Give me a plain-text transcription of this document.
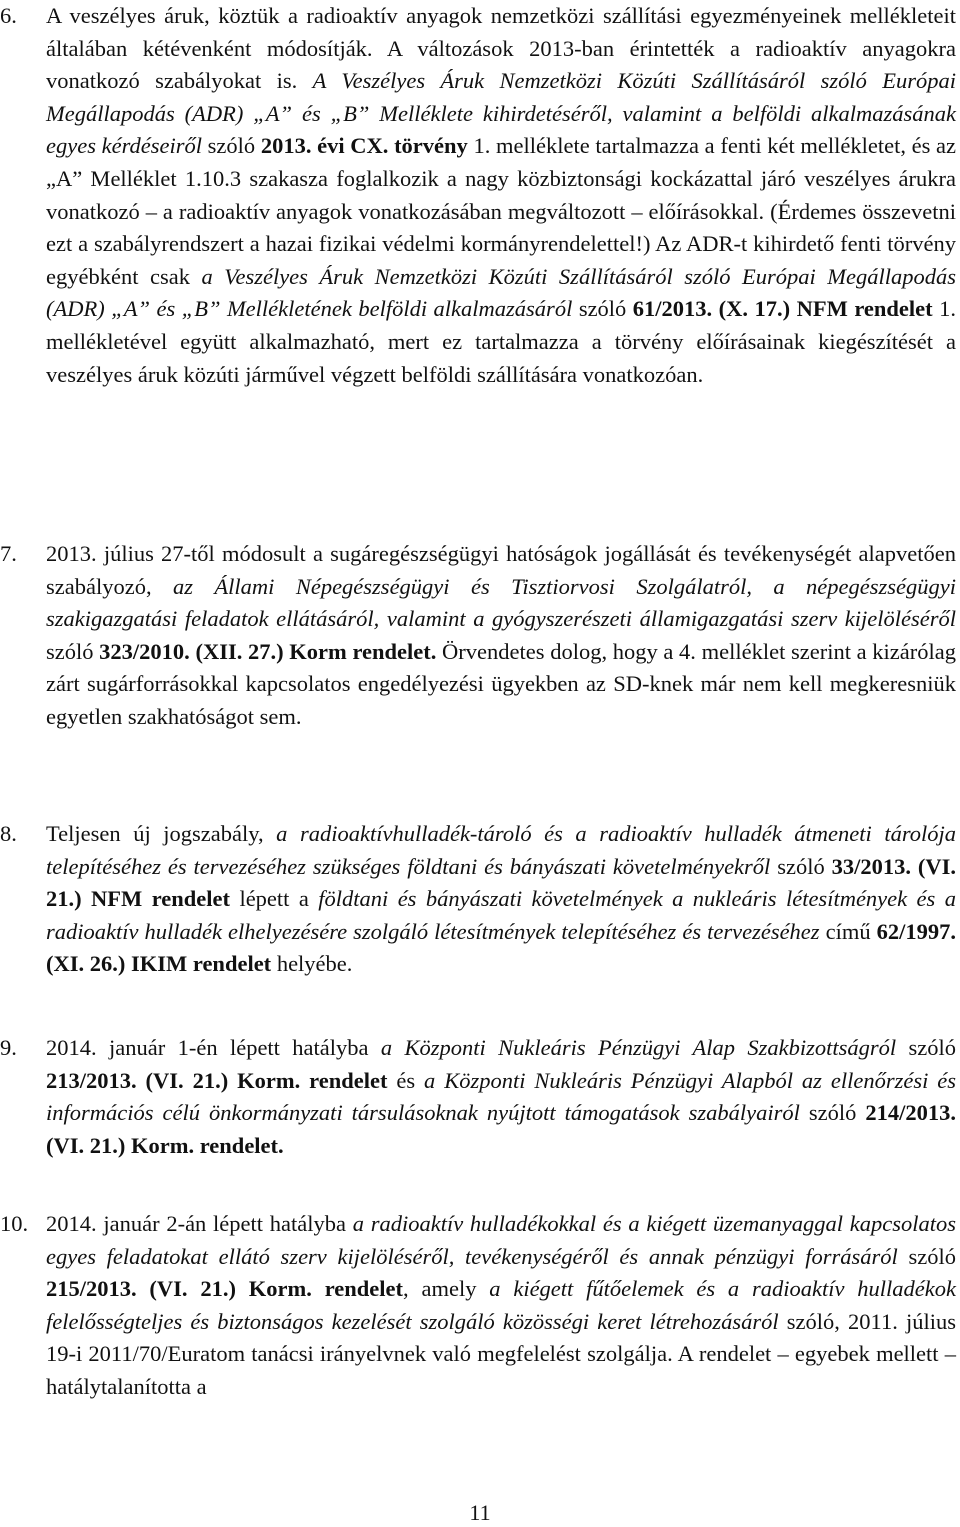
6. A veszélyes áruk, köztük a radioaktív anyagok nemzetközi szállítási egyezményeinek mellékleteit általában kétévenként módosítják. A változások 2013-ban érintették a radioaktív anyagokra vonatkozó szabályokat is. A Veszélyes Áruk Nemzetközi Közúti Szállításáról szóló Európai Megállapodás (ADR) „A” és „B” Melléklete kihirdetéséről, valamint a belföldi alkalmazásának egyes kérdéseiről szóló 2013. évi CX. törvény 1. melléklete tartalmazza a fenti két mellékletet, és az „A” Melléklet 1.10.3 szakasza foglalkozik a nagy közbiztonsági kockázattal járó veszélyes árukra vonatkozó – a radioaktív anyagok vonatkozásában megváltozott – előírásokkal. (Érdemes összevetni ezt a szabályrendszert a hazai fizikai védelmi kormányrendelettel!) Az ADR-t kihirdető fenti törvény egyébként csak a Veszélyes Áruk Nemzetközi Közúti Szállításáról szóló Európai Megállapodás (ADR) „A” és „B” Mellékletének belföldi alkalmazásáról szóló 61/2013. (X. 17.) NFM rendelet 1. mellékletével együtt alkalmazható, mert ez tartalmazza a törvény előírásainak kiegészítését a veszélyes áruk közúti járművel végzett belföldi szállítására vonatkozóan.
7. 2013. július 27-től módosult a sugáregészségügyi hatóságok jogállását és tevékenységét alapvetően szabályozó, az Állami Népegészségügyi és Tisztiorvosi Szolgálatról, a népegészségügyi szakigazgatási feladatok ellátásáról, valamint a gyógyszerészeti államigazgatási szerv kijelöléséről szóló 323/2010. (XII. 27.) Korm rendelet. Örvendetes dolog, hogy a 4. melléklet szerint a kizárólag zárt sugárforrásokkal kapcsolatos engedélyezési ügyekben az SD-knek már nem kell megkeresniük egyetlen szakhatóságot sem.
8. Teljesen új jogszabály, a radioaktívhulladék-tároló és a radioaktív hulladék átmeneti tárolója telepítéséhez és tervezéséhez szükséges földtani és bányászati követelményekről szóló 33/2013. (VI. 21.) NFM rendelet lépett a földtani és bányászati követelmények a nukleáris létesítmények és a radioaktív hulladék elhelyezésére szolgáló létesítmények telepítéséhez és tervezéséhez című 62/1997. (XI. 26.) IKIM rendelet helyébe.
9. 2014. január 1-én lépett hatályba a Központi Nukleáris Pénzügyi Alap Szakbizottságról szóló 213/2013. (VI. 21.) Korm. rendelet és a Központi Nukleáris Pénzügyi Alapból az ellenőrzési és információs célú önkormányzati társulásoknak nyújtott támogatások szabályairól szóló 214/2013. (VI. 21.) Korm. rendelet.
10. 2014. január 2-án lépett hatályba a radioaktív hulladékokkal és a kiégett üzemanyaggal kapcsolatos egyes feladatokat ellátó szerv kijelöléséről, tevékenységéről és annak pénzügyi forrásáról szóló 215/2013. (VI. 21.) Korm. rendelet, amely a kiégett fűtőelemek és a radioaktív hulladékok felelősségteljes és biztonságos kezelését szolgáló közösségi keret létrehozásáról szóló, 2011. július 19-i 2011/70/Euratom tanácsi irányelvnek való megfelelést szolgálja. A rendelet – egyebek mellett – hatálytalanította a
11
